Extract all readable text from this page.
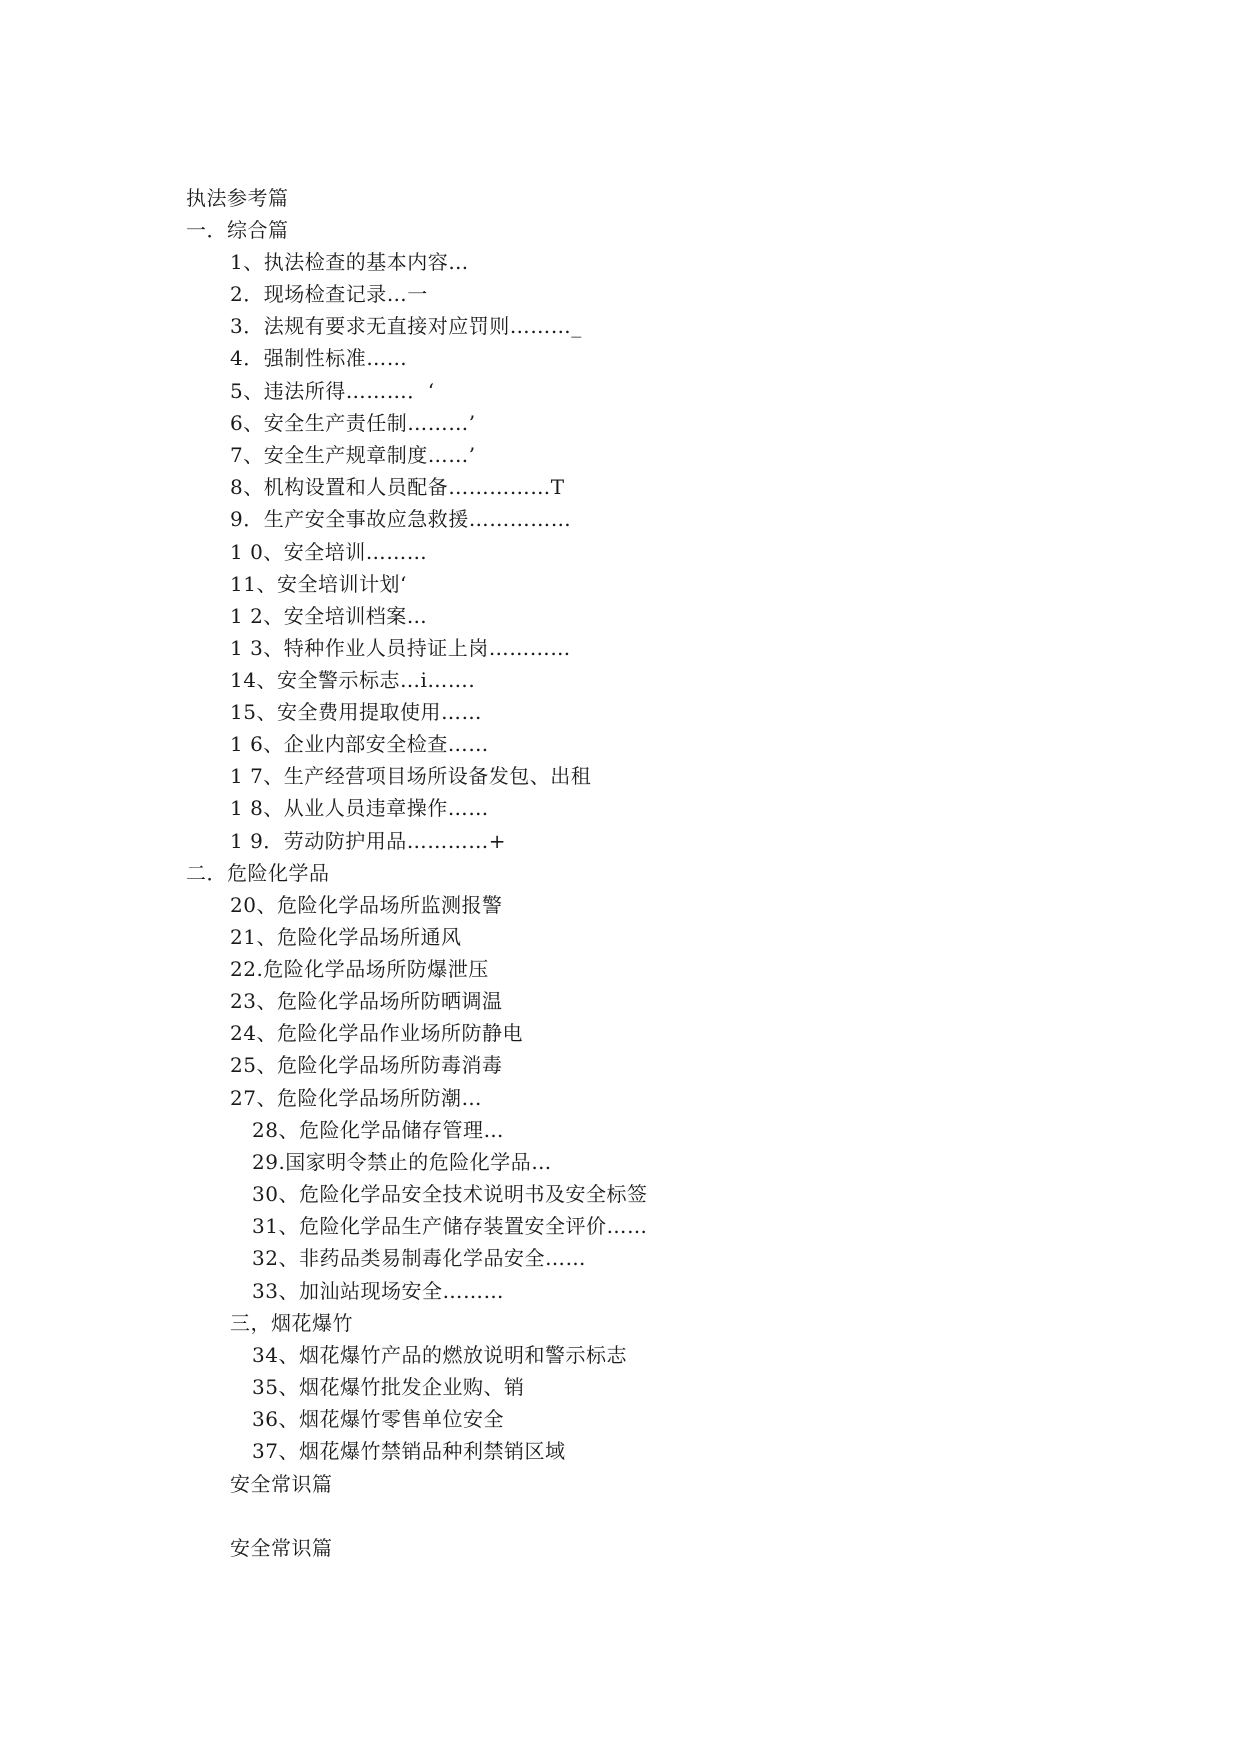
执法参考篇
一．综合篇
1、执法检查的基本内容…
2．现场检查记录…一
3．法规有要求无直接对应罚则………_
4．强制性标准……
5、违法所得………．‘
6、安全生产责任制………’
7、安全生产规章制度……’
8、机构设置和人员配备……………T
9．生产安全事故应急救援……………
1 0、安全培训………
11、安全培训计划‘
1 2、安全培训档案…
1 3、特种作业人员持证上岗…………
14、安全警示标志…i…….
15、安全费用提取使用……
1 6、企业内部安全检查……
1 7、生产经营项目场所设备发包、出租
1 8、从业人员违章操作……
1 9．劳动防护用品…………+
二．危险化学品
20、危险化学品场所监测报警
21、危险化学品场所通风
22.危险化学品场所防爆泄压
23、危险化学品场所防晒调温
24、危险化学品作业场所防静电
25、危险化学品场所防毒消毒
27、危险化学品场所防潮…
28、危险化学品储存管理…
29.国家明令禁止的危险化学品…
30、危险化学品安全技术说明书及安全标签
31、危险化学品生产储存装置安全评价……
32、非药品类易制毒化学品安全……
33、加汕站现场安全………
三，烟花爆竹
34、烟花爆竹产品的燃放说明和警示标志
35、烟花爆竹批发企业购、销
36、烟花爆竹零售单位安全
37、烟花爆竹禁销品种利禁销区域
安全常识篇
安全常识篇
